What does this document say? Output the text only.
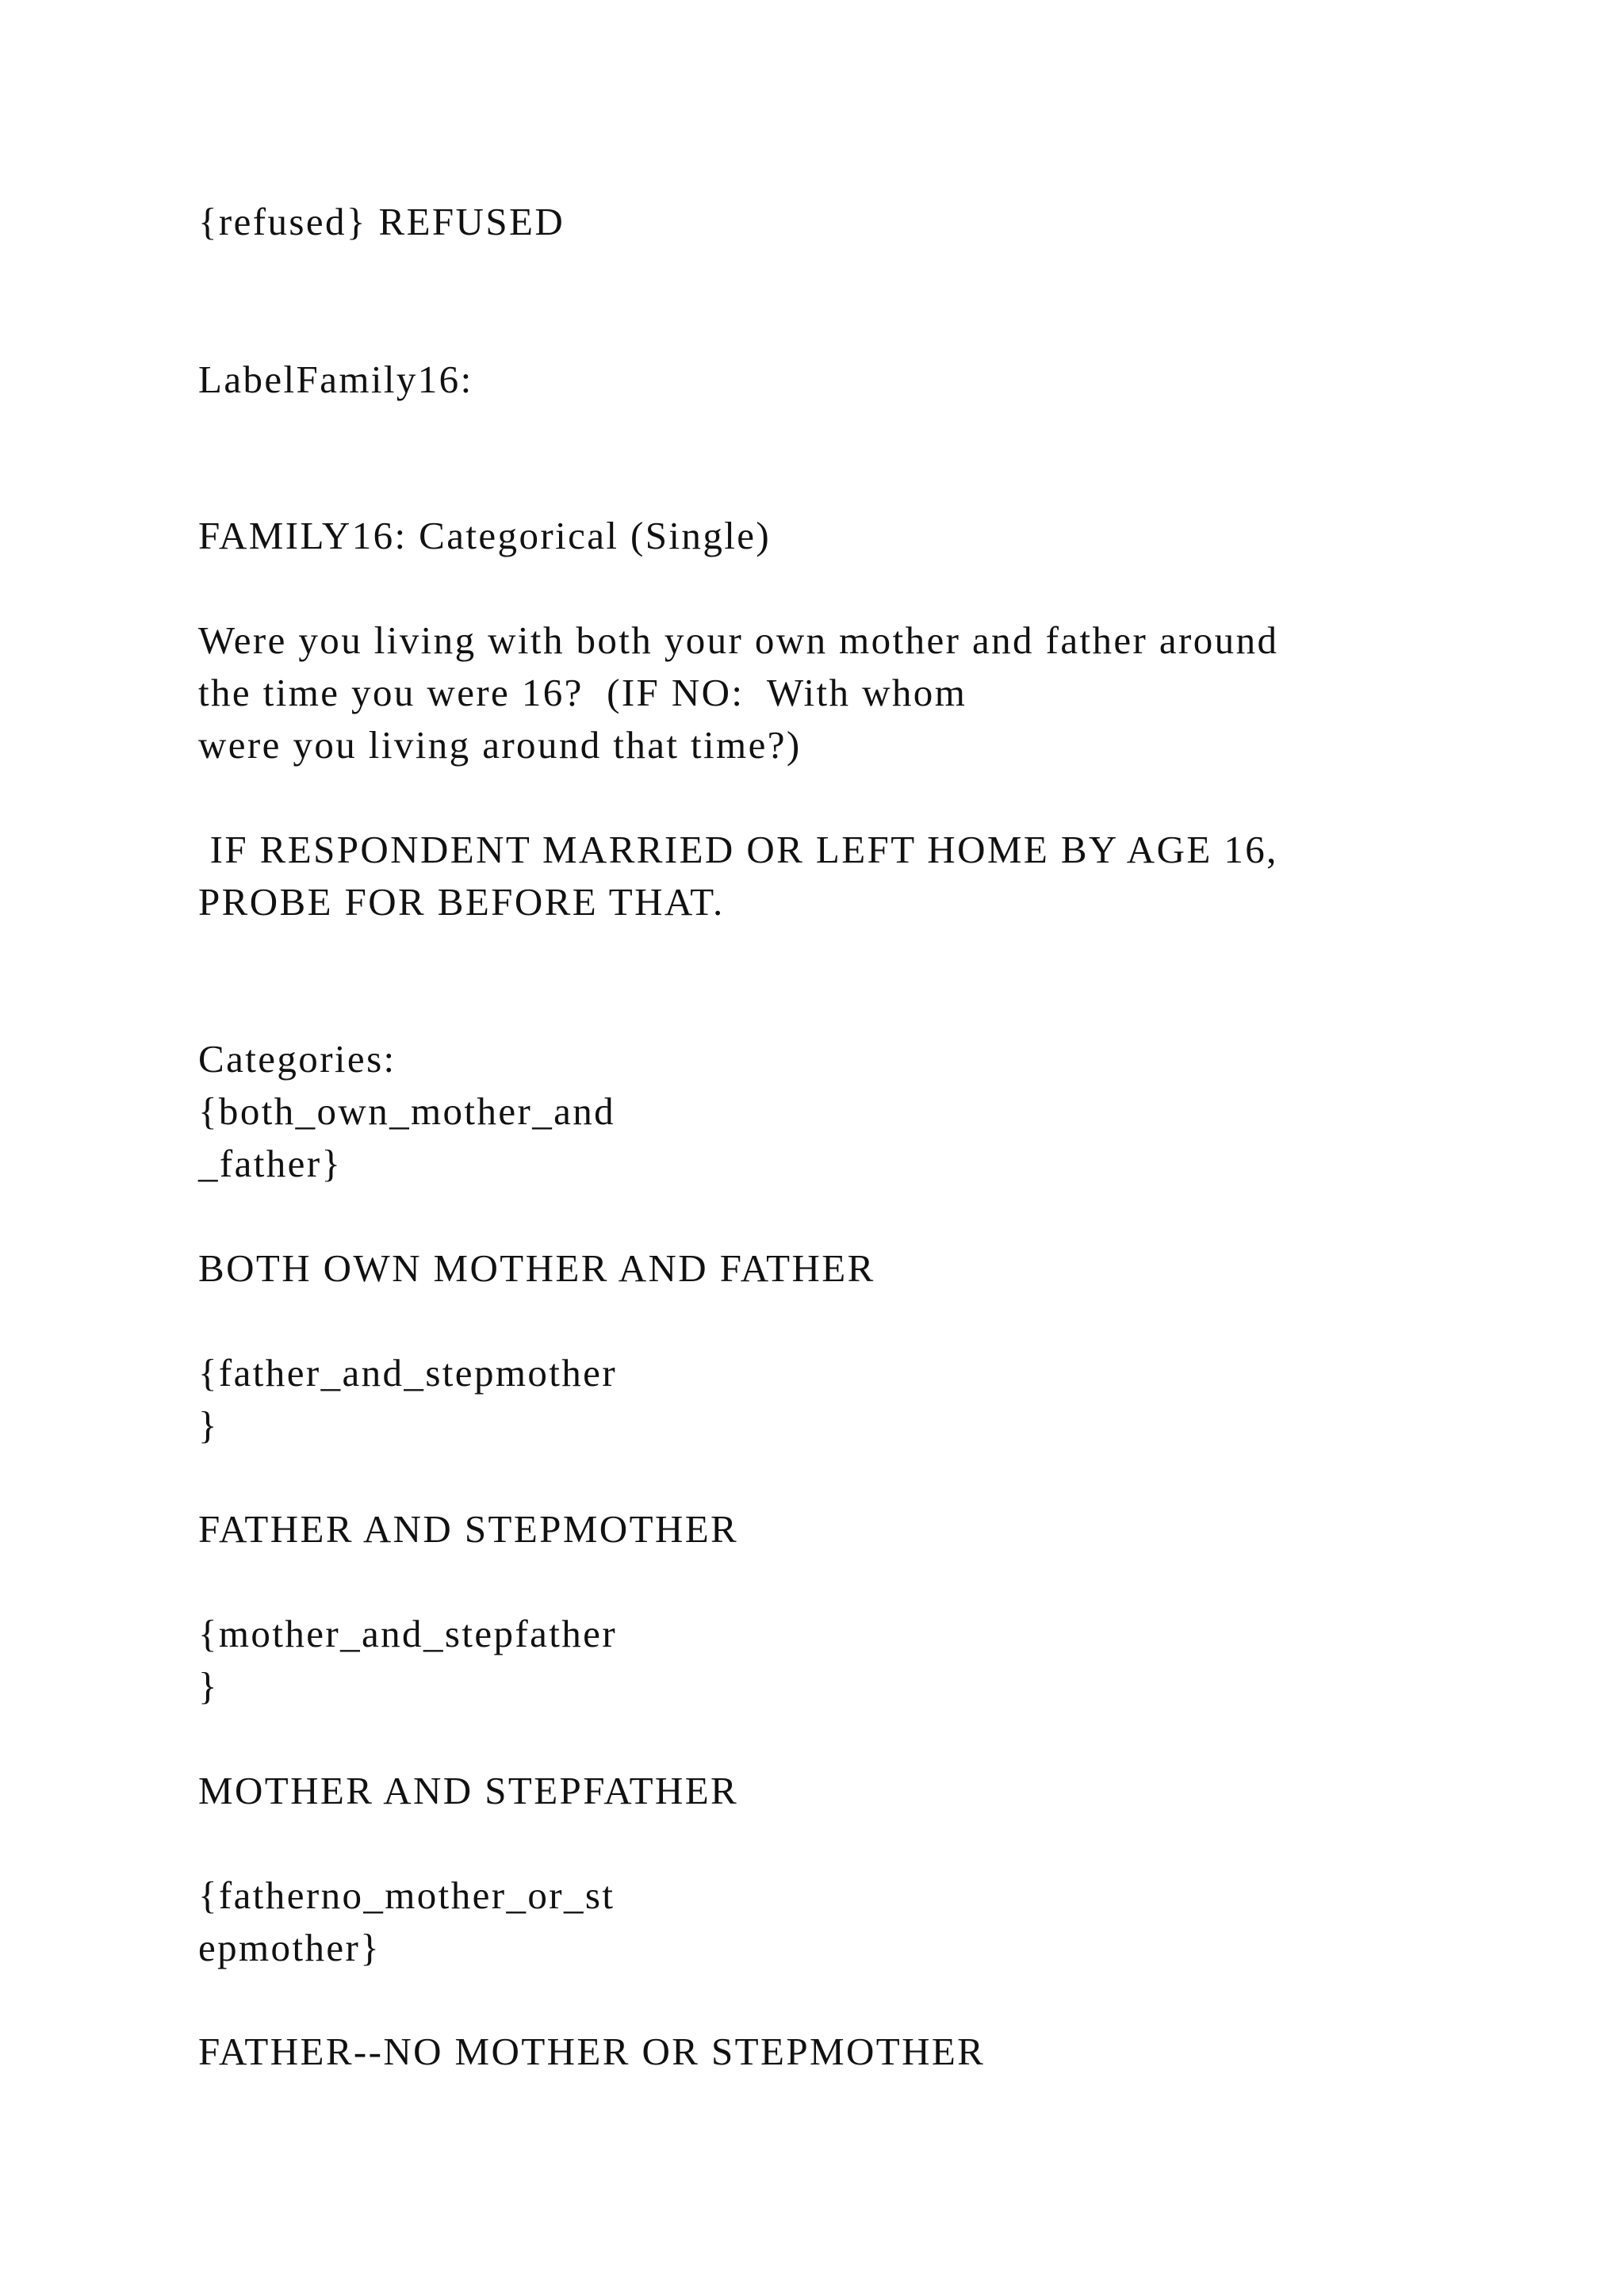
{refused} REFUSED

LabelFamily16:

FAMILY16: Categorical (Single)

Were you living with both your own mother and father around

the time you were 16?  (IF NO:  With whom

were you living around that time?)

IF RESPONDENT MARRIED OR LEFT HOME BY AGE 16,

PROBE FOR BEFORE THAT.

Categories:

{both_own_mother_and

_father}

BOTH OWN MOTHER AND FATHER

{father_and_stepmother

}

FATHER AND STEPMOTHER

{mother_and_stepfather

}

MOTHER AND STEPFATHER

{fatherno_mother_or_st

epmother}

FATHER--NO MOTHER OR STEPMOTHER
